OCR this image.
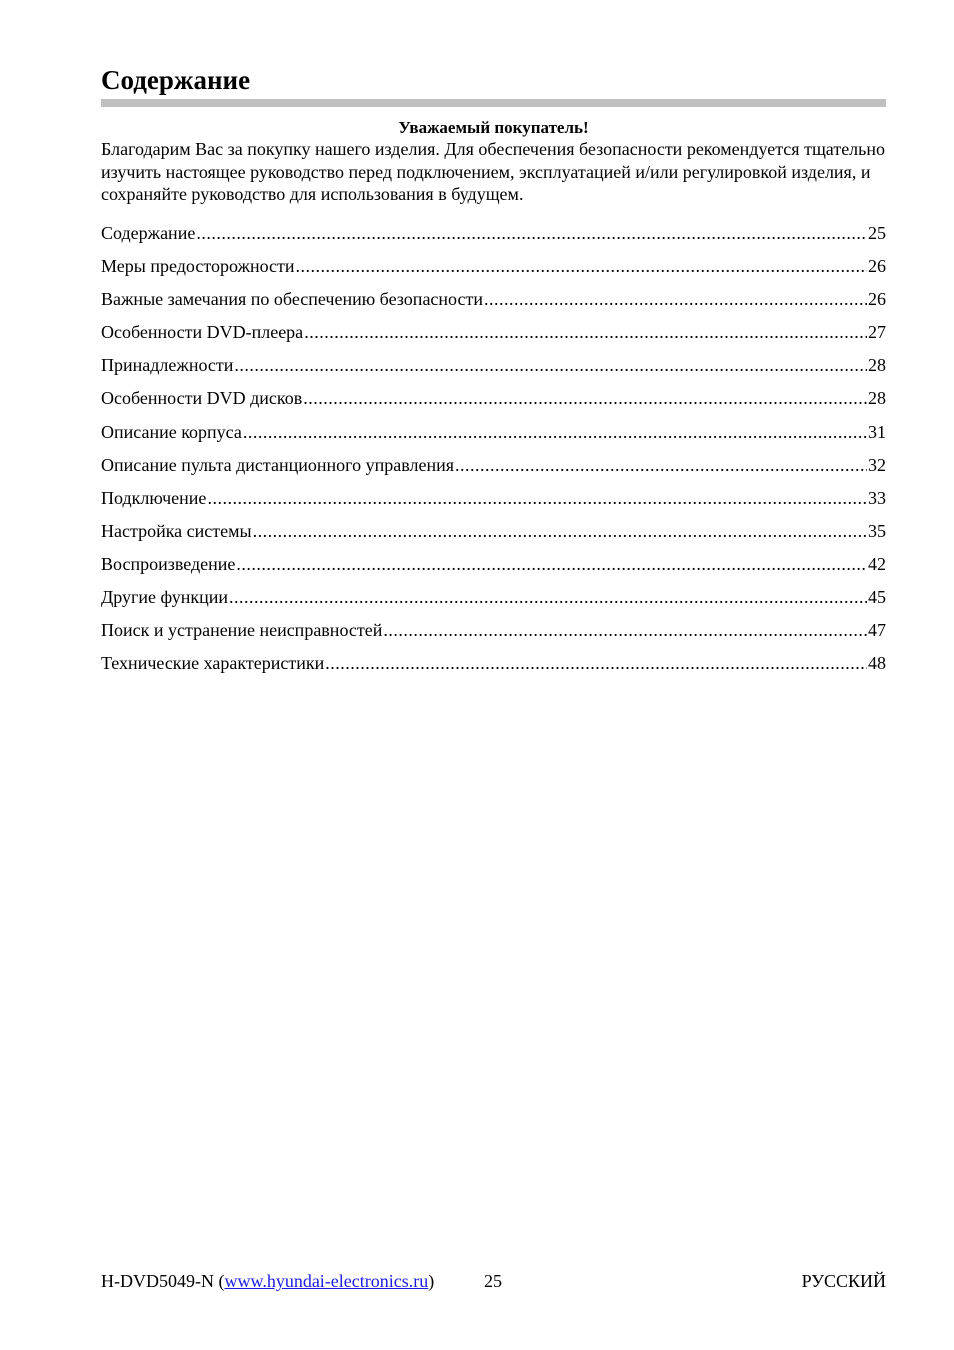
Содержание
Уважаемый покупатель!

Благодарим Вас за покупку нашего изделия. Для обеспечения безопасности рекомендуется тщательно изучить настоящее руководство перед подключением, эксплуатацией и/или регулировкой изделия, и сохраняйте руководство для использования в будущем.

Содержание .....	25
Меры предосторожности .....	26
Важные замечания по обеспечению безопасности .....	26
Особенности DVD-плеера .....	27
Принадлежности .....	28
Особенности DVD дисков .....	28
Описание корпуса .....	31
Описание пульта дистанционного управления .....	32
Подключение .....	33
Настройка системы .....	35
Воспроизведение .....	42
Другие функции .....	45
Поиск и устранение неисправностей .....	47
Технические характеристики .....	48
H-DVD5049-N (www.hyundai-electronics.ru)	25	РУССКИЙ
